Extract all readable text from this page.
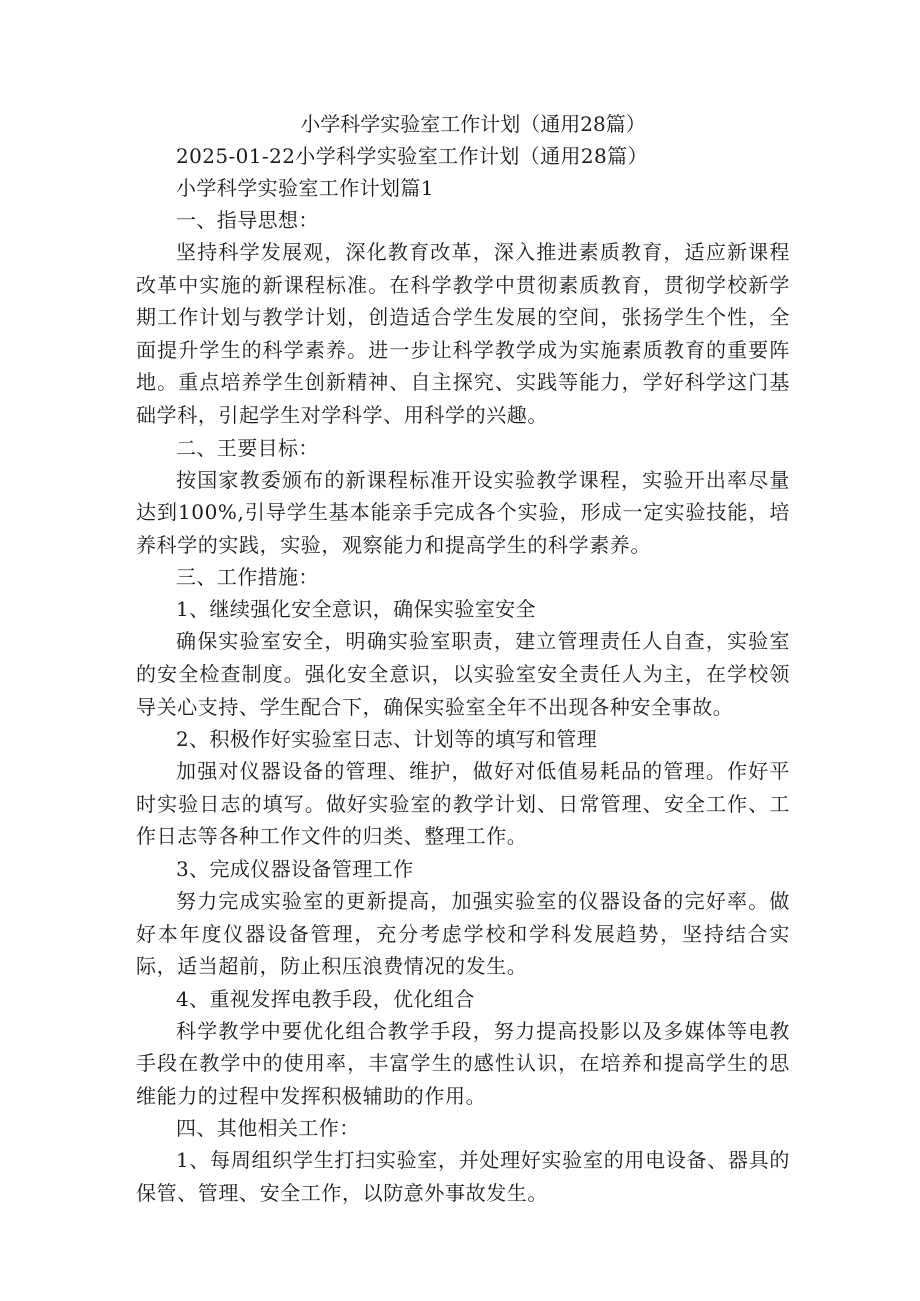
小学科学实验室工作计划（通用28篇）

2025-01-22小学科学实验室工作计划（通用28篇）

小学科学实验室工作计划篇1

一、指导思想：

坚持科学发展观，深化教育改革，深入推进素质教育，适应新课程改革中实施的新课程标准。在科学教学中贯彻素质教育，贯彻学校新学期工作计划与教学计划，创造适合学生发展的空间，张扬学生个性，全面提升学生的科学素养。进一步让科学教学成为实施素质教育的重要阵地。重点培养学生创新精神、自主探究、实践等能力，学好科学这门基础学科，引起学生对学科学、用科学的兴趣。

二、王要目标：

按国家教委颁布的新课程标准开设实验教学课程，实验开出率尽量达到100%,引导学生基本能亲手完成各个实验，形成一定实验技能，培养科学的实践，实验，观察能力和提高学生的科学素养。

三、工作措施：

1、继续强化安全意识，确保实验室安全

确保实验室安全，明确实验室职责，建立管理责任人自查，实验室的安全检查制度。强化安全意识，以实验室安全责任人为主，在学校领导关心支持、学生配合下，确保实验室全年不出现各种安全事故。

2、积极作好实验室日志、计划等的填写和管理

加强对仪器设备的管理、维护，做好对低值易耗品的管理。作好平时实验日志的填写。做好实验室的教学计划、日常管理、安全工作、工作日志等各种工作文件的归类、整理工作。

3、完成仪器设备管理工作

努力完成实验室的更新提高，加强实验室的仪器设备的完好率。做好本年度仪器设备管理，充分考虑学校和学科发展趋势，坚持结合实际，适当超前，防止积压浪费情况的发生。

4、重视发挥电教手段，优化组合

科学教学中要优化组合教学手段，努力提高投影以及多媒体等电教手段在教学中的使用率，丰富学生的感性认识，在培养和提高学生的思维能力的过程中发挥积极辅助的作用。

四、其他相关工作：

1、每周组织学生打扫实验室，并处理好实验室的用电设备、器具的保管、管理、安全工作，以防意外事故发生。
